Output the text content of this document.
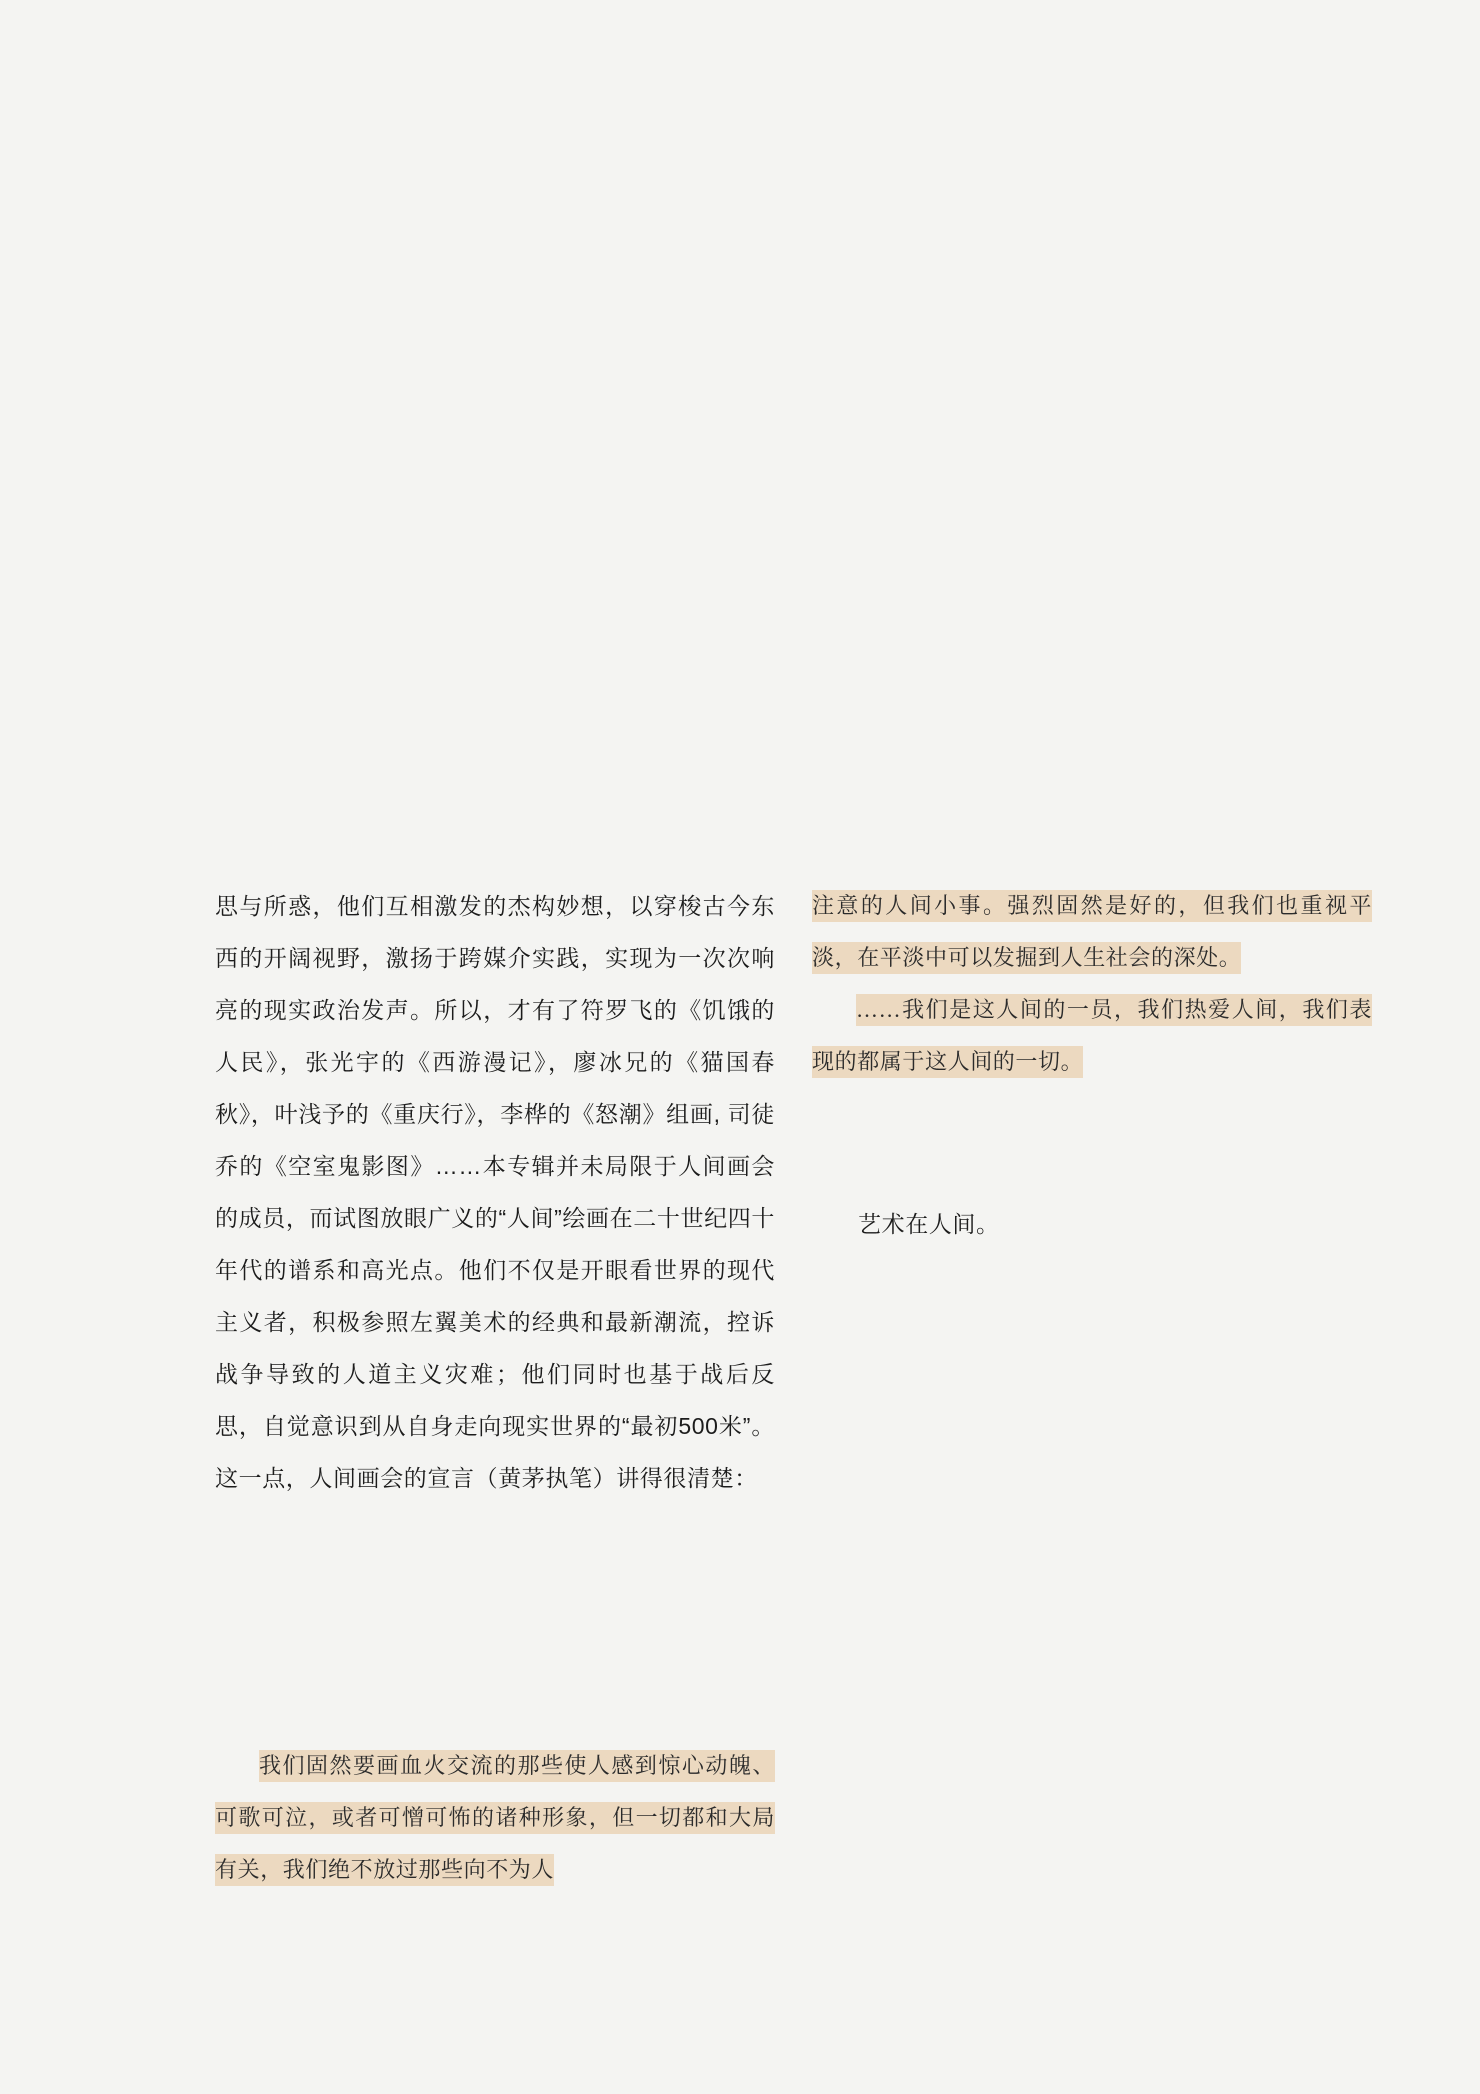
思与所惑，他们互相激发的杰构妙想，以穿梭古今东西的开阔视野，激扬于跨媒介实践，实现为一次次响亮的现实政治发声。所以，才有了符罗飞的《饥饿的人民》，张光宇的《西游漫记》，廖冰兄的《猫国春秋》，叶浅予的《重庆行》，李桦的《怒潮》组画, 司徒乔的《空室鬼影图》……本专辑并未局限于人间画会的成员，而试图放眼广义的“人间”绘画在二十世纪四十年代的谱系和高光点。他们不仅是开眼看世界的现代主义者，积极参照左翼美术的经典和最新潮流，控诉战争导致的人道主义灾难；他们同时也基于战后反思，自觉意识到从自身走向现实世界的“最初500米”。这一点，人间画会的宣言（黄茅执笔）讲得很清楚：

我们固然要画血火交流的那些使人感到惊心动魄、可歌可泣，或者可憎可怖的诸种形象，但一切都和大局有关，我们绝不放过那些向不为人

注意的人间小事。强烈固然是好的，但我们也重视平淡，在平淡中可以发掘到人生社会的深处。

……我们是这人间的一员，我们热爱人间，我们表现的都属于这人间的一切。

艺术在人间。
